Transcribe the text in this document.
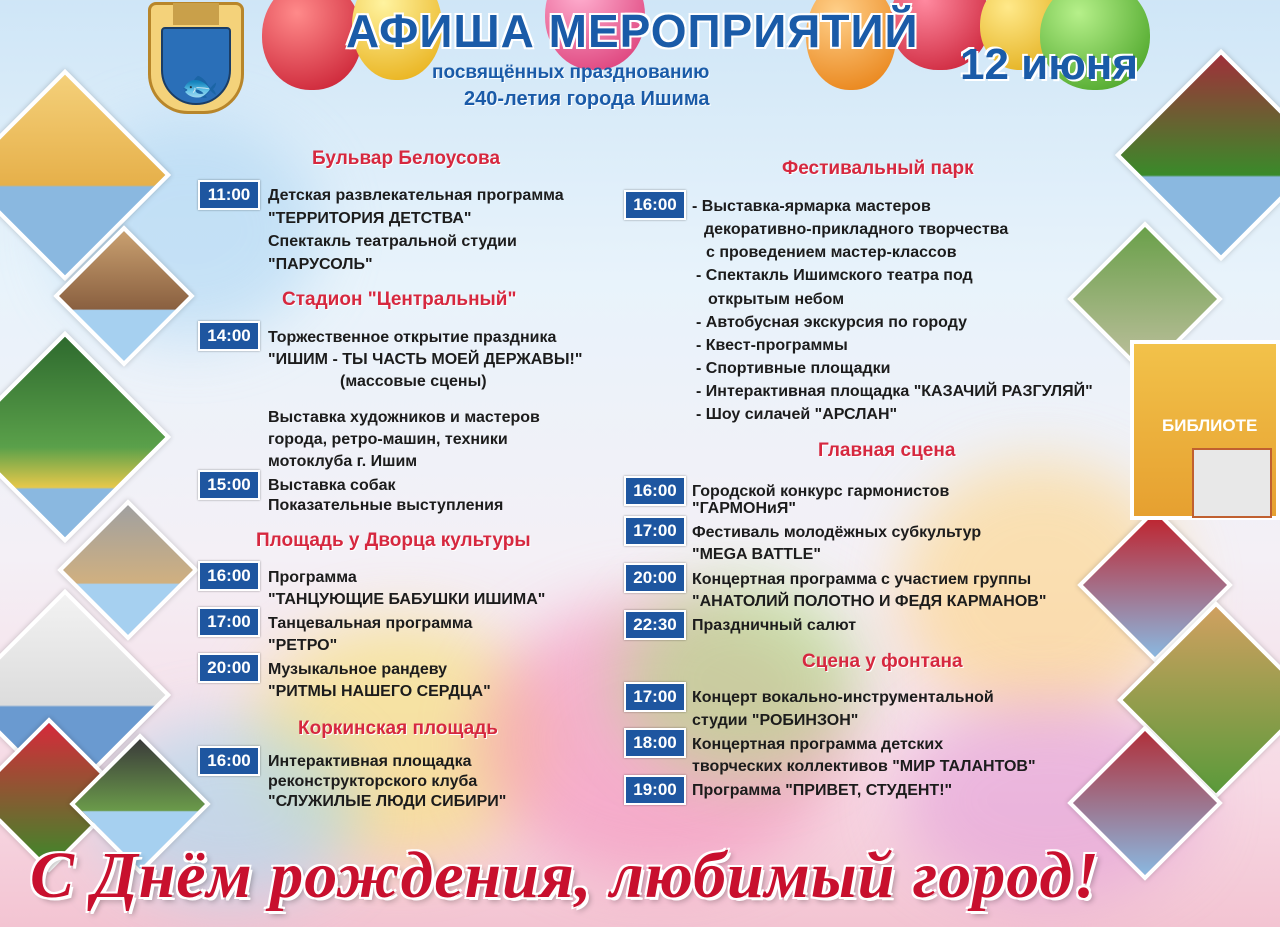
БИБЛИОТЕ
🐟
АФИША МЕРОПРИЯТИЙ
посвящённых празднованию
240-летия города Ишима
12 июня
Бульвар Белоусова
11:00	Детская развлекательная программа
"ТЕРРИТОРИЯ ДЕТСТВА"
Спектакль театральной студии
"ПАРУСОЛЬ"
Стадион "Центральный"
14:00	Торжественное открытие праздника
"ИШИМ - ТЫ ЧАСТЬ МОЕЙ ДЕРЖАВЫ!"
(массовые сцены)
Выставка художников и мастеров
города, ретро-машин, техники
мотоклуба г. Ишим
15:00	Выставка собак
Показательные выступления
Площадь у Дворца культуры
16:00	Программа
"ТАНЦУЮЩИЕ БАБУШКИ ИШИМА"
17:00	Танцевальная программа
"РЕТРО"
20:00	Музыкальное рандеву
"РИТМЫ НАШЕГО СЕРДЦА"
Коркинская площадь
16:00	Интерактивная площадка
реконструкторского клуба
"СЛУЖИЛЫЕ ЛЮДИ СИБИРИ"
Фестивальный парк
16:00 - Выставка-ярмарка мастеров
декоративно-прикладного творчества
с проведением мастер-классов
- Спектакль Ишимского театра под
открытым небом
- Автобусная экскурсия по городу
- Квест-программы
- Спортивные площадки
- Интерактивная площадка "КАЗАЧИЙ РАЗГУЛЯЙ"
- Шоу силачей "АРСЛАН"
Главная сцена
16:00 Городской конкурс гармонистов
"ГАРМОНиЯ"
17:00 Фестиваль молодёжных субкультур
"MEGA BATTLE"
20:00 Концертная программа с участием группы
"АНАТОЛИЙ ПОЛОТНО И ФЕДЯ КАРМАНОВ"
22:30 Праздничный салют
Сцена у фонтана
17:00 Концерт вокально-инструментальной
студии "РОБИНЗОН"
18:00 Концертная программа детских
творческих коллективов "МИР ТАЛАНТОВ"
19:00 Программа "ПРИВЕТ, СТУДЕНТ!"
С Днём рождения, любимый город!
